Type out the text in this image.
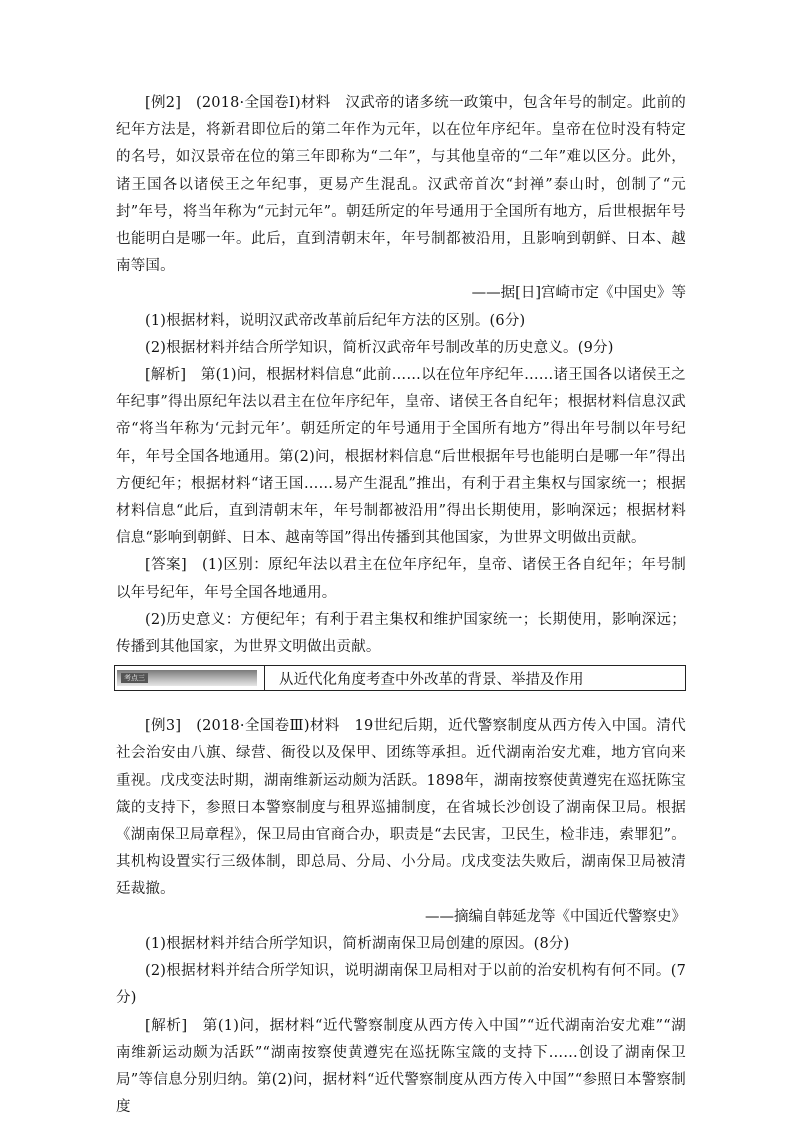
[例2]　(2018·全国卷Ⅰ)材料　汉武帝的诸多统一政策中，包含年号的制定。此前的纪年方法是，将新君即位后的第二年作为元年，以在位年序纪年。皇帝在位时没有特定的名号，如汉景帝在位的第三年即称为“二年”，与其他皇帝的“二年”难以区分。此外，诸王国各以诸侯王之年纪事，更易产生混乱。汉武帝首次“封禅”泰山时，创制了“元封”年号，将当年称为“元封元年”。朝廷所定的年号通用于全国所有地方，后世根据年号也能明白是哪一年。此后，直到清朝末年，年号制都被沿用，且影响到朝鲜、日本、越南等国。

——据[日]宫崎市定《中国史》等

(1)根据材料，说明汉武帝改革前后纪年方法的区别。(6分)

(2)根据材料并结合所学知识，简析汉武帝年号制改革的历史意义。(9分)

[解析]　第(1)问，根据材料信息“此前……以在位年序纪年……诸王国各以诸侯王之年纪事”得出原纪年法以君主在位年序纪年，皇帝、诸侯王各自纪年；根据材料信息汉武帝“将当年称为‘元封元年’。朝廷所定的年号通用于全国所有地方”得出年号制以年号纪年，年号全国各地通用。第(2)问，根据材料信息“后世根据年号也能明白是哪一年”得出方便纪年；根据材料“诸王国……易产生混乱”推出，有利于君主集权与国家统一；根据材料信息“此后，直到清朝末年，年号制都被沿用”得出长期使用，影响深远；根据材料信息“影响到朝鲜、日本、越南等国”得出传播到其他国家，为世界文明做出贡献。

[答案]　(1)区别：原纪年法以君主在位年序纪年，皇帝、诸侯王各自纪年；年号制以年号纪年，年号全国各地通用。

(2)历史意义：方便纪年；有利于君主集权和维护国家统一；长期使用，影响深远；传播到其他国家，为世界文明做出贡献。

考点三	从近代化角度考查中外改革的背景、举措及作用

[例3]　(2018·全国卷Ⅲ)材料　19世纪后期，近代警察制度从西方传入中国。清代社会治安由八旗、绿营、衙役以及保甲、团练等承担。近代湖南治安尤难，地方官向来重视。戊戌变法时期，湖南维新运动颇为活跃。1898年，湖南按察使黄遵宪在巡抚陈宝箴的支持下，参照日本警察制度与租界巡捕制度，在省城长沙创设了湖南保卫局。根据《湖南保卫局章程》，保卫局由官商合办，职责是“去民害，卫民生，检非违，索罪犯”。其机构设置实行三级体制，即总局、分局、小分局。戊戌变法失败后，湖南保卫局被清廷裁撤。

——摘编自韩延龙等《中国近代警察史》

(1)根据材料并结合所学知识，简析湖南保卫局创建的原因。(8分)

(2)根据材料并结合所学知识，说明湖南保卫局相对于以前的治安机构有何不同。(7分)

[解析]　第(1)问，据材料“近代警察制度从西方传入中国”“近代湖南治安尤难”“湖南维新运动颇为活跃”“湖南按察使黄遵宪在巡抚陈宝箴的支持下……创设了湖南保卫局”等信息分别归纳。第(2)问，据材料“近代警察制度从西方传入中国”“参照日本警察制度
